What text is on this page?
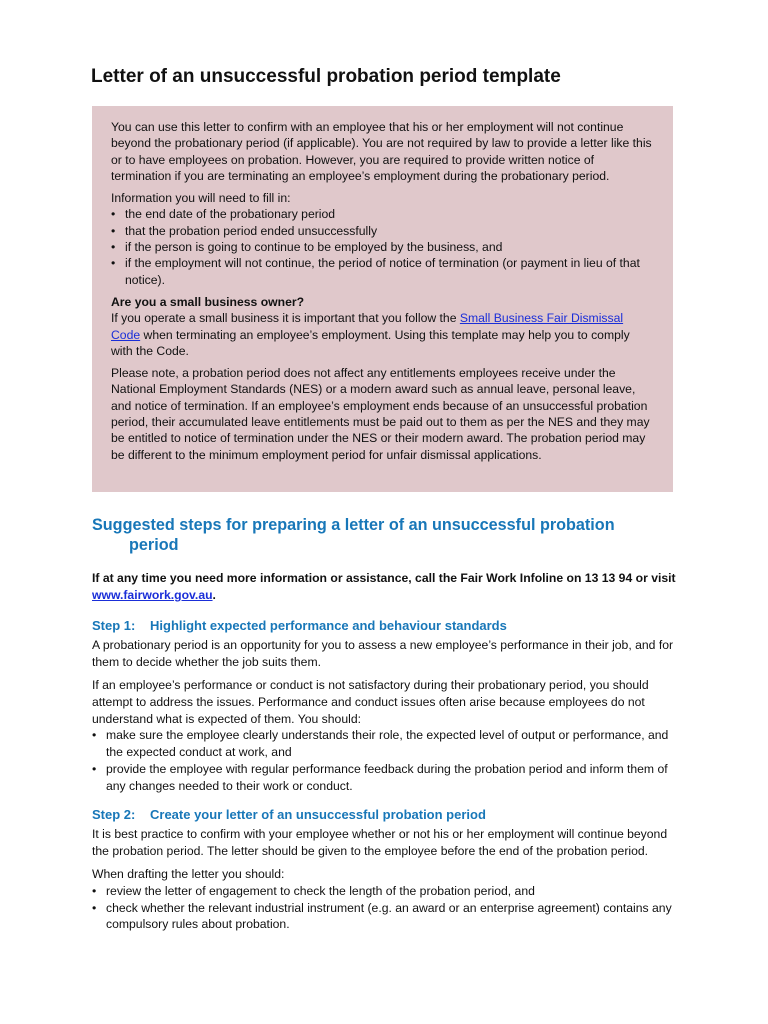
Letter of an unsuccessful probation period template

You can use this letter to confirm with an employee that his or her employment will not continue beyond the probationary period (if applicable). You are not required by law to provide a letter like this or to have employees on probation. However, you are required to provide written notice of termination if you are terminating an employee’s employment during the probationary period.

Information you will need to fill in:

• the end date of the probationary period
• that the probation period ended unsuccessfully
• if the person is going to continue to be employed by the business, and
• if the employment will not continue, the period of notice of termination (or payment in lieu of that notice).

Are you a small business owner?

If you operate a small business it is important that you follow the Small Business Fair Dismissal Code when terminating an employee’s employment. Using this template may help you to comply with the Code.

Please note, a probation period does not affect any entitlements employees receive under the National Employment Standards (NES) or a modern award such as annual leave, personal leave, and notice of termination. If an employee’s employment ends because of an unsuccessful probation period, their accumulated leave entitlements must be paid out to them as per the NES and they may be entitled to notice of termination under the NES or their modern award. The probation period may be different to the minimum employment period for unfair dismissal applications.

Suggested steps for preparing a letter of an unsuccessful probation
period

If at any time you need more information or assistance, call the Fair Work Infoline on 13 13 94 or visit www.fairwork.gov.au.

Step 1: Highlight expected performance and behaviour standards

A probationary period is an opportunity for you to assess a new employee’s performance in their job, and for them to decide whether the job suits them.

If an employee’s performance or conduct is not satisfactory during their probationary period, you should attempt to address the issues. Performance and conduct issues often arise because employees do not understand what is expected of them. You should:

• make sure the employee clearly understands their role, the expected level of output or performance, and the expected conduct at work, and
• provide the employee with regular performance feedback during the probation period and inform them of any changes needed to their work or conduct.
Step 2: Create your letter of an unsuccessful probation period

It is best practice to confirm with your employee whether or not his or her employment will continue beyond the probation period. The letter should be given to the employee before the end of the probation period.

When drafting the letter you should:

• review the letter of engagement to check the length of the probation period, and
• check whether the relevant industrial instrument (e.g. an award or an enterprise agreement) contains any compulsory rules about probation.
